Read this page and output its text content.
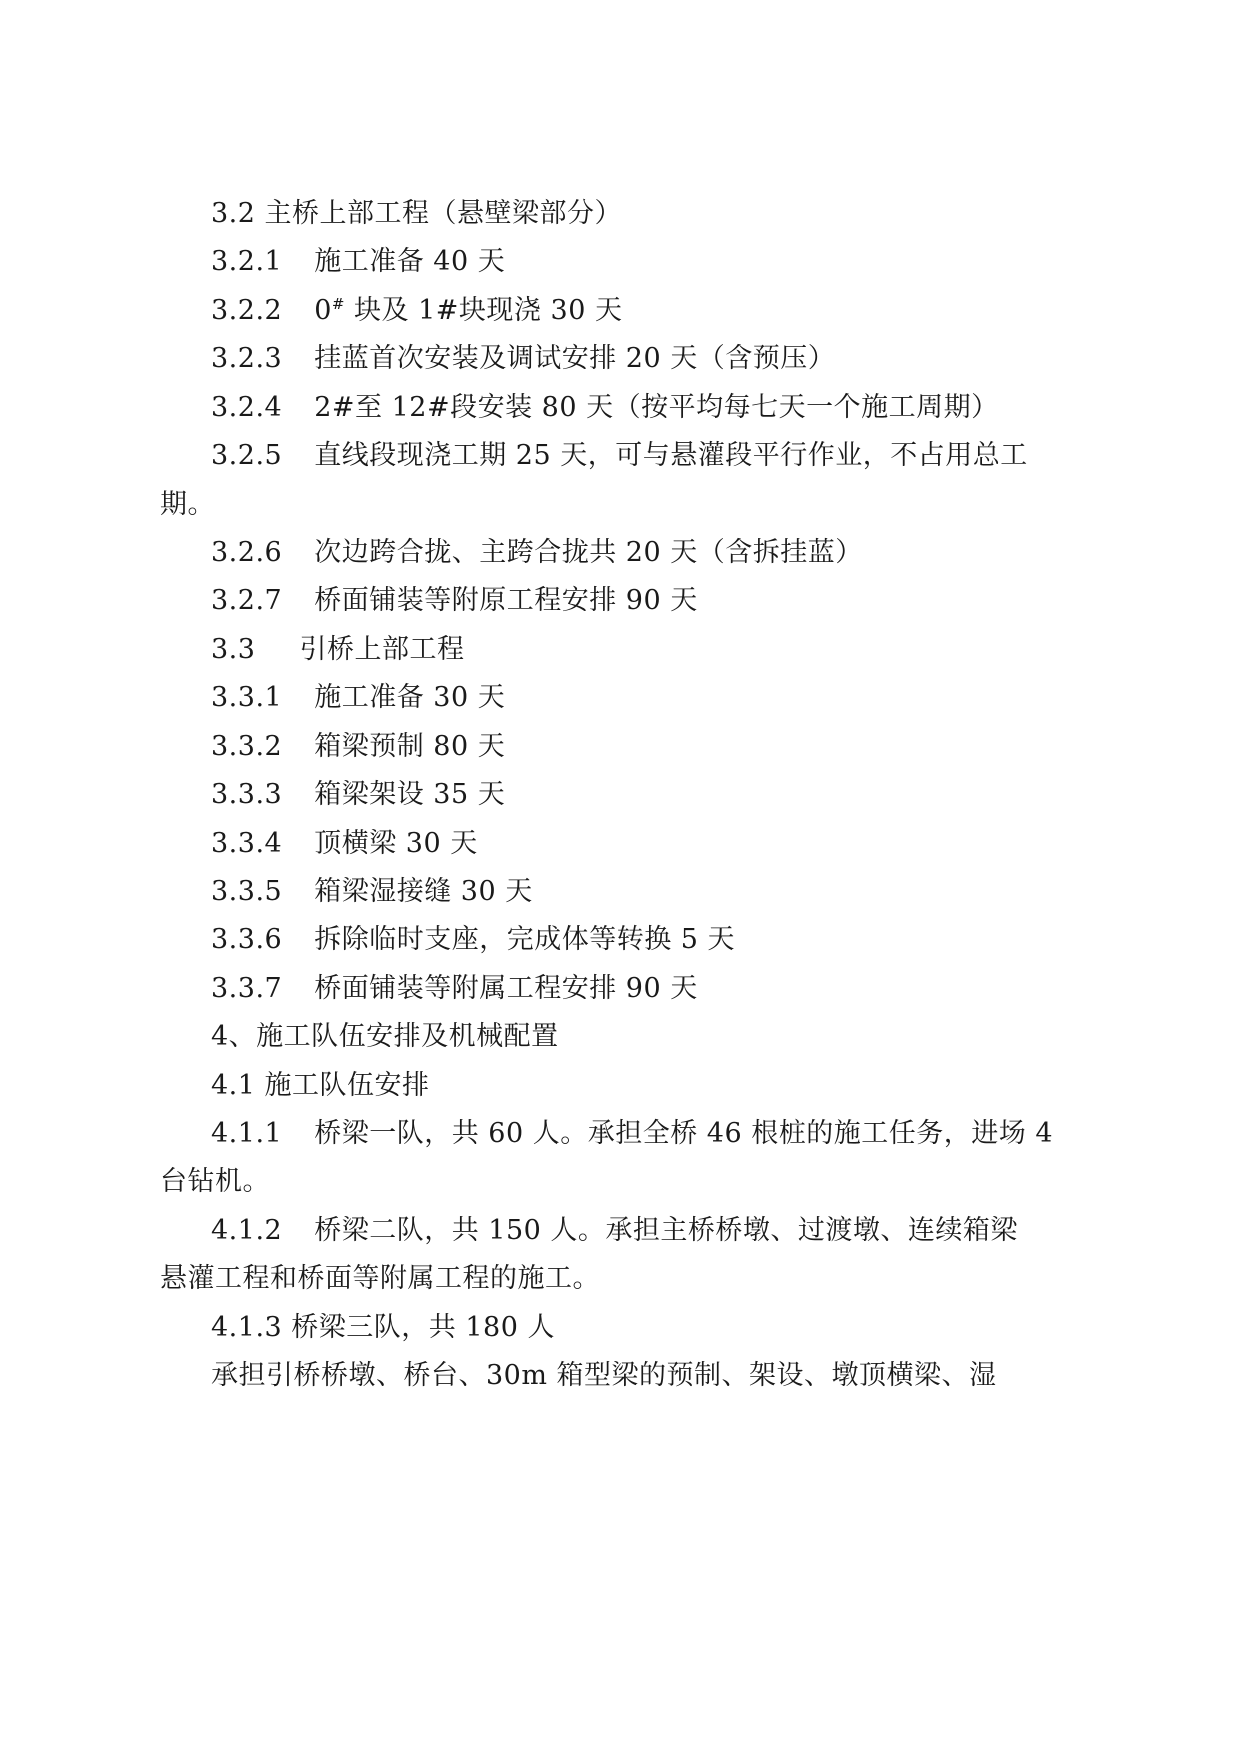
3.2 主桥上部工程（悬壁梁部分）
3.2.1 施工准备 40 天
3.2.2 0# 块及 1#块现浇 30 天
3.2.3 挂蓝首次安装及调试安排 20 天（含预压）
3.2.4 2#至 12#段安装 80 天（按平均每七天一个施工周期）
3.2.5 直线段现浇工期 25 天，可与悬灌段平行作业，不占用总工
期。
3.2.6 次边跨合拢、主跨合拢共 20 天（含拆挂蓝）
3.2.7 桥面铺装等附原工程安排 90 天
3.3 引桥上部工程
3.3.1 施工准备 30 天
3.3.2 箱梁预制 80 天
3.3.3 箱梁架设 35 天
3.3.4 顶横梁 30 天
3.3.5 箱梁湿接缝 30 天
3.3.6 拆除临时支座，完成体等转换 5 天
3.3.7 桥面铺装等附属工程安排 90 天
4、施工队伍安排及机械配置
4.1 施工队伍安排
4.1.1 桥梁一队，共 60 人。承担全桥 46 根桩的施工任务，进场 4
台钻机。
4.1.2 桥梁二队，共 150 人。承担主桥桥墩、过渡墩、连续箱梁
悬灌工程和桥面等附属工程的施工。
4.1.3 桥梁三队，共 180 人
承担引桥桥墩、桥台、30m 箱型梁的预制、架设、墩顶横梁、湿
